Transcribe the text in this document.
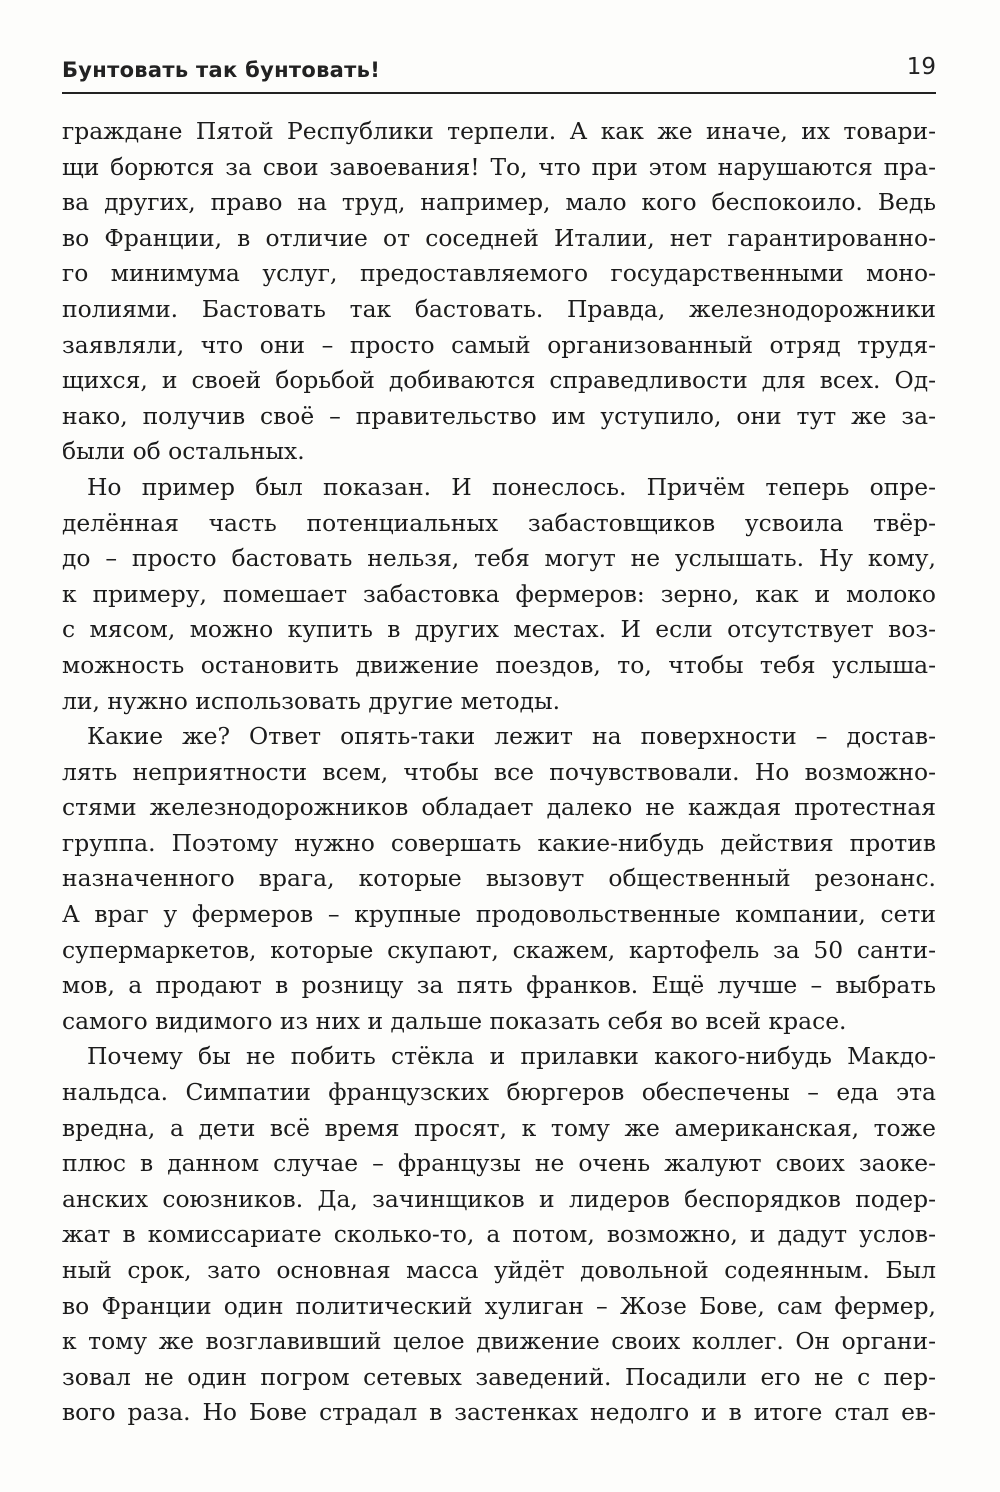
Бунтовать так бунтовать!	19
граждане Пятой Республики терпели. А как же иначе, их товари-
щи борются за свои завоевания! То, что при этом нарушаются пра-
ва других, право на труд, например, мало кого беспокоило. Ведь
во Франции, в отличие от соседней Италии, нет гарантированно-
го минимума услуг, предоставляемого государственными моно-
полиями. Бастовать так бастовать. Правда, железнодорожники
заявляли, что они – просто самый организованный отряд трудя-
щихся, и своей борьбой добиваются справедливости для всех. Од-
нако, получив своё – правительство им уступило, они тут же за-
были об остальных.
Но пример был показан. И понеслось. Причём теперь опре-
делённая часть потенциальных забастовщиков усвоила твёр-
до – просто бастовать нельзя, тебя могут не услышать. Ну кому,
к примеру, помешает забастовка фермеров: зерно, как и молоко
с мясом, можно купить в других местах. И если отсутствует воз-
можность остановить движение поездов, то, чтобы тебя услыша-
ли, нужно использовать другие методы.
Какие же? Ответ опять-таки лежит на поверхности – достав-
лять неприятности всем, чтобы все почувствовали. Но возможно-
стями железнодорожников обладает далеко не каждая протестная
группа. Поэтому нужно совершать какие-нибудь действия против
назначенного врага, которые вызовут общественный резонанс.
А враг у фермеров – крупные продовольственные компании, сети
супермаркетов, которые скупают, скажем, картофель за 50 санти-
мов, а продают в розницу за пять франков. Ещё лучше – выбрать
самого видимого из них и дальше показать себя во всей красе.
Почему бы не побить стёкла и прилавки какого-нибудь Макдо-
нальдса. Симпатии французских бюргеров обеспечены – еда эта
вредна, а дети всё время просят, к тому же американская, тоже
плюс в данном случае – французы не очень жалуют своих заоке-
анских союзников. Да, зачинщиков и лидеров беспорядков подер-
жат в комиссариате сколько-то, а потом, возможно, и дадут услов-
ный срок, зато основная масса уйдёт довольной содеянным. Был
во Франции один политический хулиган – Жозе Бове, сам фермер,
к тому же возглавивший целое движение своих коллег. Он органи-
зовал не один погром сетевых заведений. Посадили его не с пер-
вого раза. Но Бове страдал в застенках недолго и в итоге стал ев-
